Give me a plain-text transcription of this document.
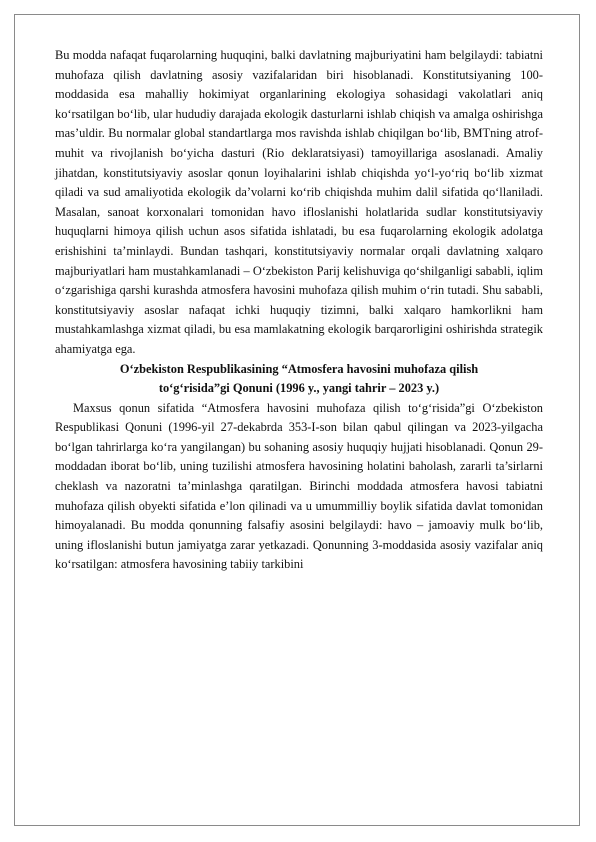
Bu modda nafaqat fuqarolarning huquqini, balki davlatning majburiyatini ham belgilaydi: tabiatni muhofaza qilish davlatning asosiy vazifalaridan biri hisoblanadi. Konstitutsiyaning 100-moddasida esa mahalliy hokimiyat organlarining ekologiya sohasidagi vakolatlari aniq ko‘rsatilgan bo‘lib, ular hududiy darajada ekologik dasturlarni ishlab chiqish va amalga oshirishga mas’uldir. Bu normalar global standartlarga mos ravishda ishlab chiqilgan bo‘lib, BMTning atrof-muhit va rivojlanish bo‘yicha dasturi (Rio deklaratsiyasi) tamoyillariga asoslanadi. Amaliy jihatdan, konstitutsiyaviy asoslar qonun loyihalarini ishlab chiqishda yo‘l-yo‘riq bo‘lib xizmat qiladi va sud amaliyotida ekologik da’volarni ko‘rib chiqishda muhim dalil sifatida qo‘llaniladi. Masalan, sanoat korxonalari tomonidan havo ifloslanishi holatlarida sudlar konstitutsiyaviy huquqlarni himoya qilish uchun asos sifatida ishlatadi, bu esa fuqarolarning ekologik adolatga erishishini ta’minlaydi. Bundan tashqari, konstitutsiyaviy normalar orqali davlatning xalqaro majburiyatlari ham mustahkamlanadi – O‘zbekiston Parij kelishuviga qo‘shilganligi sababli, iqlim o‘zgarishiga qarshi kurashda atmosfera havosini muhofaza qilish muhim o‘rin tutadi. Shu sababli, konstitutsiyaviy asoslar nafaqat ichki huquqiy tizimni, balki xalqaro hamkorlikni ham mustahkamlashga xizmat qiladi, bu esa mamlakatning ekologik barqarorligini oshirishda strategik ahamiyatga ega.

O‘zbekiston Respublikasining “Atmosfera havosini muhofaza qilish

to‘g‘risida”gi Qonuni (1996 y., yangi tahrir – 2023 y.)

Maxsus qonun sifatida “Atmosfera havosini muhofaza qilish to‘g‘risida”gi O‘zbekiston Respublikasi Qonuni (1996-yil 27-dekabrda 353-I-son bilan qabul qilingan va 2023-yilgacha bo‘lgan tahrirlarga ko‘ra yangilangan) bu sohaning asosiy huquqiy hujjati hisoblanadi. Qonun 29-moddadan iborat bo‘lib, uning tuzilishi atmosfera havosining holatini baholash, zararli ta’sirlarni cheklash va nazoratni ta’minlashga qaratilgan. Birinchi moddada atmosfera havosi tabiatni muhofaza qilish obyekti sifatida e’lon qilinadi va u umummilliy boylik sifatida davlat tomonidan himoyalanadi. Bu modda qonunning falsafiy asosini belgilaydi: havo – jamoaviy mulk bo‘lib, uning ifloslanishi butun jamiyatga zarar yetkazadi. Qonunning 3-moddasida asosiy vazifalar aniq ko‘rsatilgan: atmosfera havosining tabiiy tarkibini
